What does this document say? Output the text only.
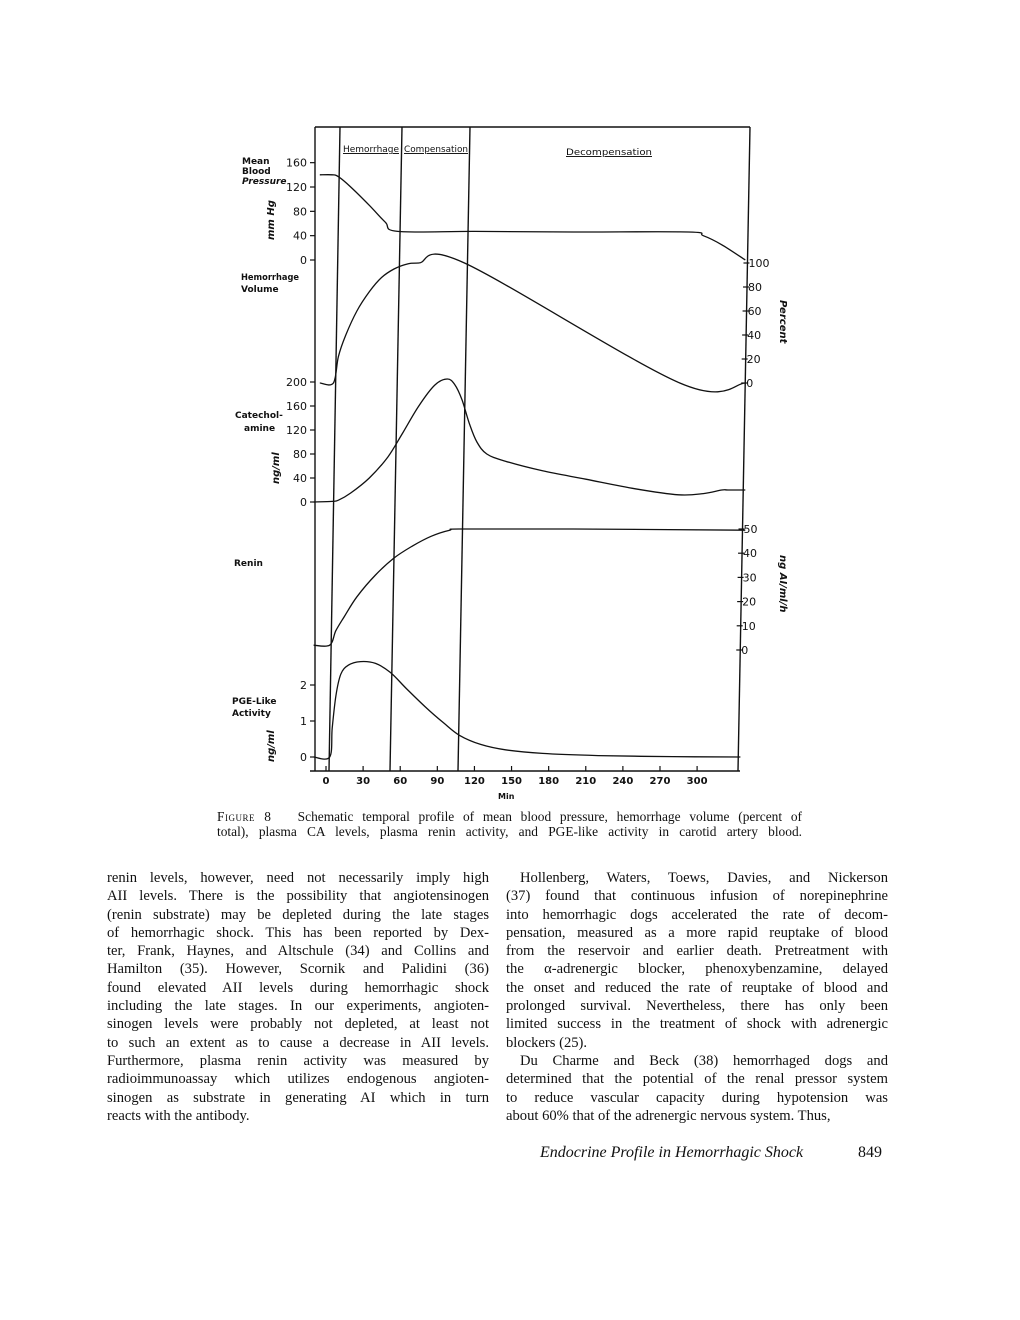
Hemorrhage Compensation	Decompensation
Mean
Blood
Pressure
Hemorrhage
Volume
Catechol-
amine
Renin
PGE-Like
Activity
mm Hg
ng/ml
ng/ml
Percent
ng AI/ml/h
Min
0
40
80
120
160
0
20
40
60
80
100
0
40
80
120
160
200
0
10
20
30
40
50
0
1
2
0	30 60 90 120 150 180 210 240 270 300
Figure 8 Schematic temporal profile of mean blood pressure, hemorrhage volume (percent of
total), plasma CA levels, plasma renin activity, and PGE-like activity in carotid artery blood.
renin levels, however, need not necessarily imply high
AII levels. There is the possibility that angiotensinogen
(renin substrate) may be depleted during the late stages
of hemorrhagic shock. This has been reported by Dex-
ter, Frank, Haynes, and Altschule (34) and Collins and
Hamilton (35). However, Scornik and Palidini (36)
found elevated AII levels during hemorrhagic shock
including the late stages. In our experiments, angioten-
sinogen levels were probably not depleted, at least not
to such an extent as to cause a decrease in AII levels.
Furthermore, plasma renin activity was measured by
radioimmunoassay which utilizes endogenous angioten-
sinogen as substrate in generating AI which in turn
reacts with the antibody.
Hollenberg, Waters, Toews, Davies, and Nickerson
(37) found that continuous infusion of norepinephrine
into hemorrhagic dogs accelerated the rate of decom-
pensation, measured as a more rapid reuptake of blood
from the reservoir and earlier death. Pretreatment with
the α-adrenergic blocker, phenoxybenzamine, delayed
the onset and reduced the rate of reuptake of blood and
prolonged survival. Nevertheless, there has only been
limited success in the treatment of shock with adrenergic
blockers (25).
Du Charme and Beck (38) hemorrhaged dogs and
determined that the potential of the renal pressor system
to reduce vascular capacity during hypotension was
about 60% that of the adrenergic nervous system. Thus,
Endocrine Profile in Hemorrhagic Shock	849
